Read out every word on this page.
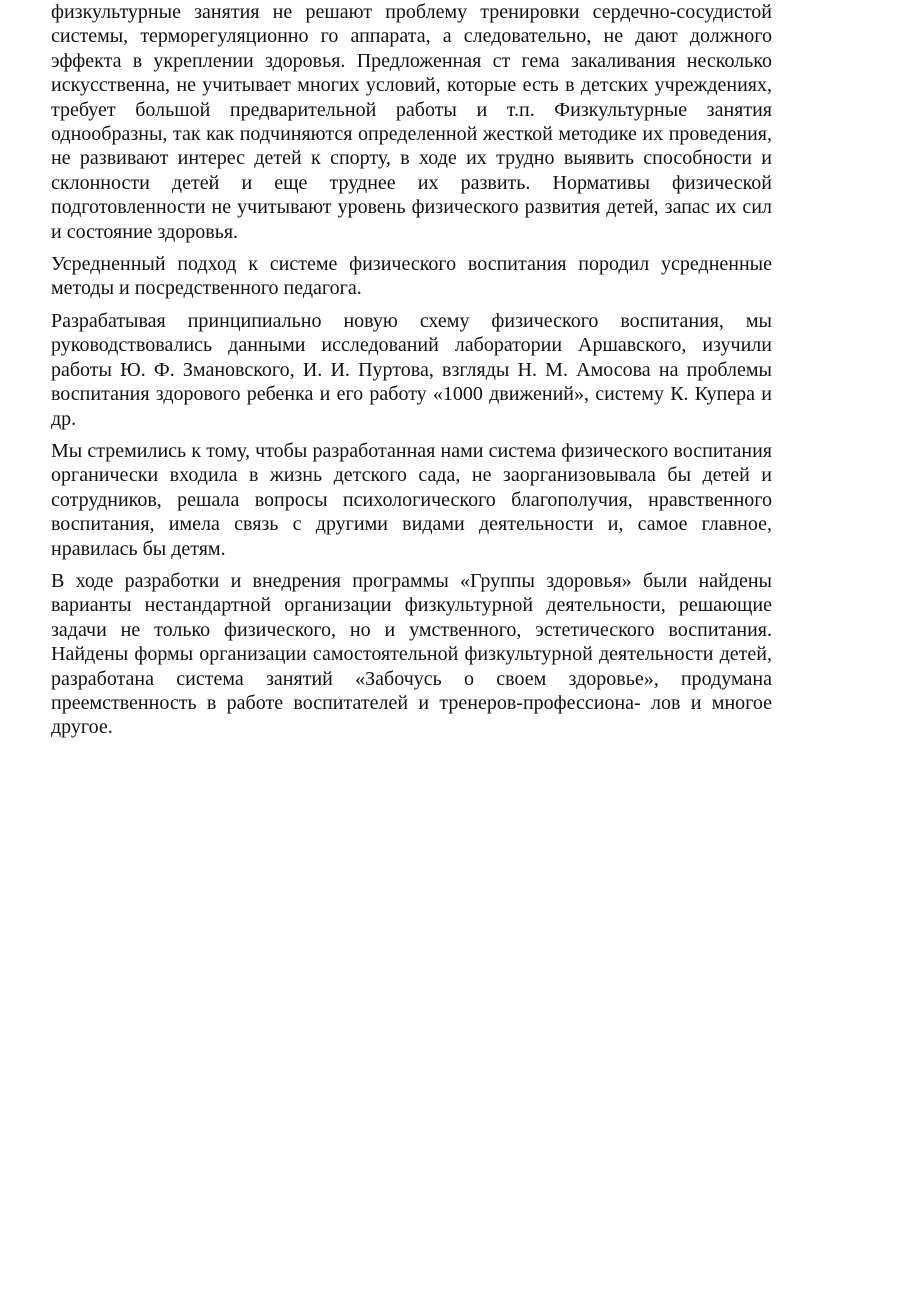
физкультурные занятия не решают проблему тренировки сердечно-сосудистой системы, терморегуляционно го аппарата, а следовательно, не дают должного эффекта в укреплении здоровья. Предложенная ст гема закаливания несколько искусственна, не учитывает многих условий, которые есть в детских учреждениях, требует большой предварительной работы и т.п. Физкультурные занятия однообразны, так как подчиняются определенной жесткой методике их проведения, не развивают интерес детей к спорту, в ходе их трудно выявить способности и склонности детей и еще труднее их развить. Нормативы физической подготовленности не учитывают уровень физического развития детей, запас их сил и состояние здоровья.

Усредненный подход к системе физического воспитания породил усредненные методы и посредственного педагога.

Разрабатывая принципиально новую схему физического воспитания, мы руководствовались данными исследований лаборатории Аршавского, изучили работы Ю. Ф. Змановского, И. И. Пуртова, взгляды Н. М. Амосова на проблемы воспитания здорового ребенка и его работу «1000 движений», систему К. Купера и др.

Мы стремились к тому, чтобы разработанная нами система физического воспитания органически входила в жизнь детского сада, не заорганизовывала бы детей и сотрудников, решала вопросы психологического благополучия, нравственного воспитания, имела связь с другими видами деятельности и, самое главное, нравилась бы детям.

В ходе разработки и внедрения программы «Группы здоровья» были найдены варианты нестандартной организации физкультурной деятельности, решающие задачи не только физического, но и умственного, эстетического воспитания. Найдены формы организации самостоятельной физкультурной деятельности детей, разработана система занятий «Забочусь о своем здоровье», продумана преемственность в работе воспитателей и тренеров-профессиона- лов и многое другое.
